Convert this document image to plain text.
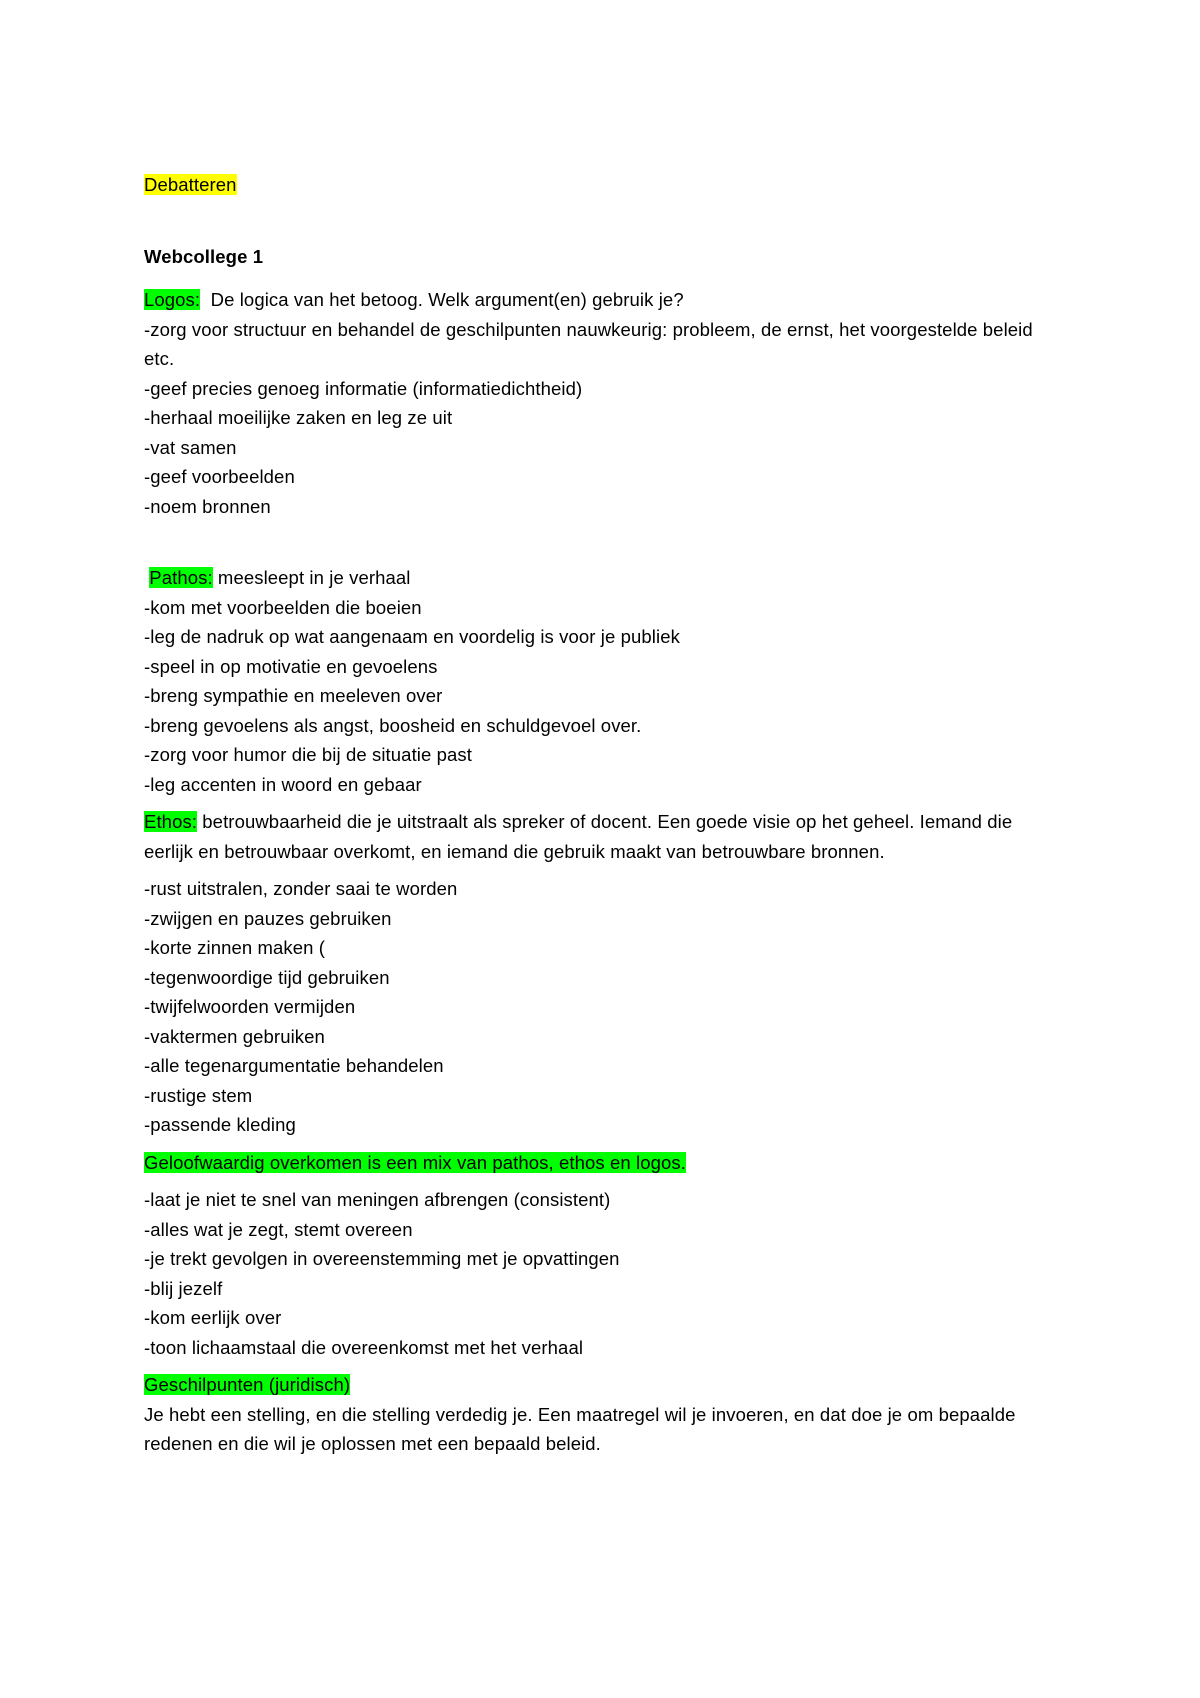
Debatteren
Webcollege 1
Logos:  De logica van het betoog. Welk argument(en) gebruik je?
-zorg voor structuur en behandel de geschilpunten nauwkeurig: probleem, de ernst, het voorgestelde beleid etc.
-geef precies genoeg informatie (informatiedichtheid)
-herhaal moeilijke zaken en leg ze uit
-vat samen
-geef voorbeelden
-noem bronnen
Pathos: meesleept in je verhaal
-kom met voorbeelden die boeien
-leg de nadruk op wat aangenaam en voordelig is voor je publiek
-speel in op motivatie en gevoelens
-breng sympathie en meeleven over
-breng gevoelens als angst, boosheid en schuldgevoel over.
-zorg voor humor die bij de situatie past
-leg accenten in woord en gebaar
Ethos: betrouwbaarheid die je uitstraalt als spreker of docent. Een goede visie op het geheel. Iemand die eerlijk en betrouwbaar overkomt, en iemand die gebruik maakt van betrouwbare bronnen.
-rust uitstralen, zonder saai te worden
-zwijgen en pauzes gebruiken
-korte zinnen maken (
-tegenwoordige tijd gebruiken
-twijfelwoorden vermijden
-vaktermen gebruiken
-alle tegenargumentatie behandelen
-rustige stem
-passende kleding
Geloofwaardig overkomen is een mix van pathos, ethos en logos.
-laat je niet te snel van meningen afbrengen (consistent)
-alles wat je zegt, stemt overeen
-je trekt gevolgen in overeenstemming met je opvattingen
-blij jezelf
-kom eerlijk over
-toon lichaamstaal die overeenkomst met het verhaal
Geschilpunten (juridisch)
Je hebt een stelling, en die stelling verdedig je. Een maatregel wil je invoeren, en dat doe je om bepaalde redenen en die wil je oplossen met een bepaald beleid.
